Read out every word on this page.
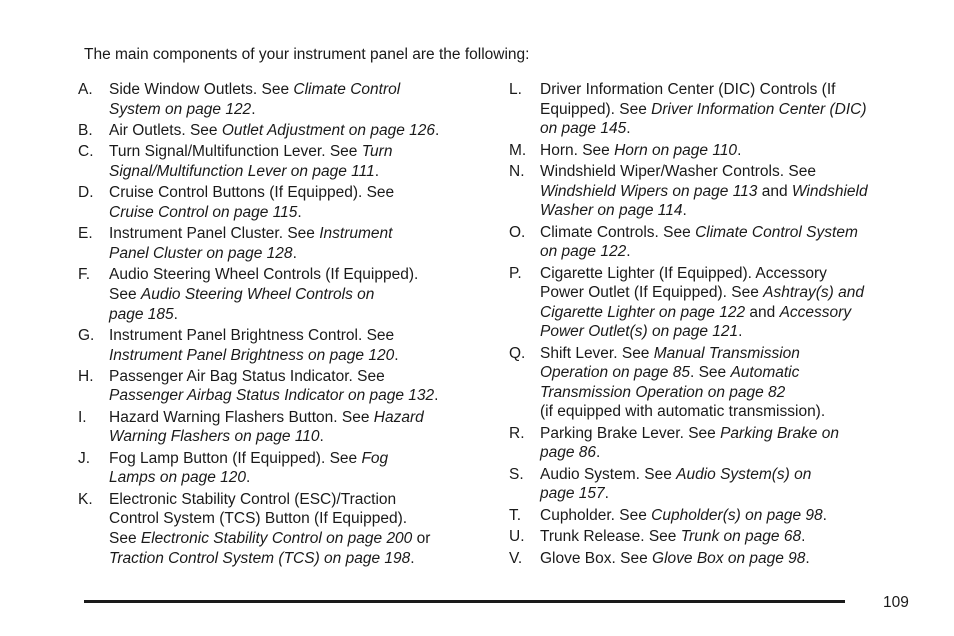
The main components of your instrument panel are the following:
A.	Side Window Outlets. See Climate Control
System on page 122.
B.	Air Outlets. See Outlet Adjustment on page 126.
C.	Turn Signal/Multifunction Lever. See Turn
Signal/Multifunction Lever on page 111.
D.	Cruise Control Buttons (If Equipped). See
Cruise Control on page 115.
E.	Instrument Panel Cluster. See Instrument
Panel Cluster on page 128.
F.	Audio Steering Wheel Controls (If Equipped).
See Audio Steering Wheel Controls on
page 185.
G. Instrument Panel Brightness Control. See
Instrument Panel Brightness on page 120.
H.	Passenger Air Bag Status Indicator. See
Passenger Airbag Status Indicator on page 132.
I.	Hazard Warning Flashers Button. See Hazard
Warning Flashers on page 110.
J.	Fog Lamp Button (If Equipped). See Fog
Lamps on page 120.
K.	Electronic Stability Control (ESC)/Traction
Control System (TCS) Button (If Equipped).
See Electronic Stability Control on page 200 or
Traction Control System (TCS) on page 198.
L.	Driver Information Center (DIC) Controls (If
Equipped). See Driver Information Center (DIC)
on page 145.
M. Horn. See Horn on page 110.
N.	Windshield Wiper/Washer Controls. See
Windshield Wipers on page 113 and Windshield
Washer on page 114.
O. Climate Controls. See Climate Control System
on page 122.
P.	Cigarette Lighter (If Equipped). Accessory
Power Outlet (If Equipped). See Ashtray(s) and
Cigarette Lighter on page 122 and Accessory
Power Outlet(s) on page 121.
Q. Shift Lever. See Manual Transmission
Operation on page 85. See Automatic
Transmission Operation on page 82
(if equipped with automatic transmission).
R.	Parking Brake Lever. See Parking Brake on
page 86.
S.	Audio System. See Audio System(s) on
page 157.
T.	Cupholder. See Cupholder(s) on page 98.
U.	Trunk Release. See Trunk on page 68.
V.	Glove Box. See Glove Box on page 98.
109
